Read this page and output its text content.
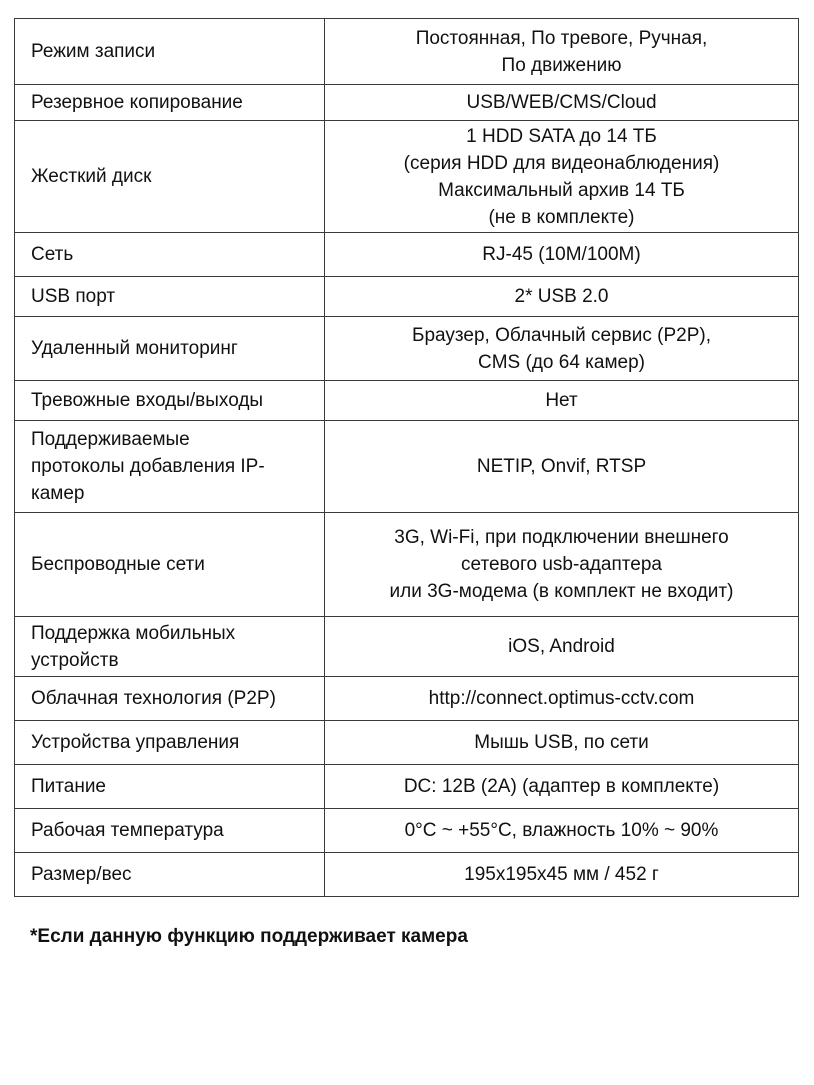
Режим записи	Постоянная, По тревоге, Ручная,
По движению

Резервное копирование	USB/WEB/CMS/Cloud

Жесткий диск	1 HDD SATA до 14 ТБ
(серия HDD для видеонаблюдения)
Максимальный архив 14 ТБ
(не в комплекте)

Сеть	RJ-45 (10M/100M)

USB порт	2* USB 2.0

Удаленный мониторинг	Браузер, Облачный сервис (P2P),
CMS (до 64 камер)

Тревожные входы/выходы	Нет

Поддерживаемые
протоколы добавления IP-
камер	NETIP, Onvif, RTSP

Беспроводные сети	3G, Wi-Fi, при подключении внешнего
сетевого usb-адаптера
или 3G-модема (в комплект не входит)

Поддержка мобильных
устройств	iOS, Android

Облачная технология (P2P)	http://connect.optimus-cctv.com

Устройства управления	Мышь USB, по сети

Питание	DC: 12В (2А) (адаптер в комплекте)

Рабочая температура	0°C ~ +55°C, влажность 10% ~ 90%

Размер/вес	195x195x45 мм / 452 г
*Если данную функцию поддерживает камера
